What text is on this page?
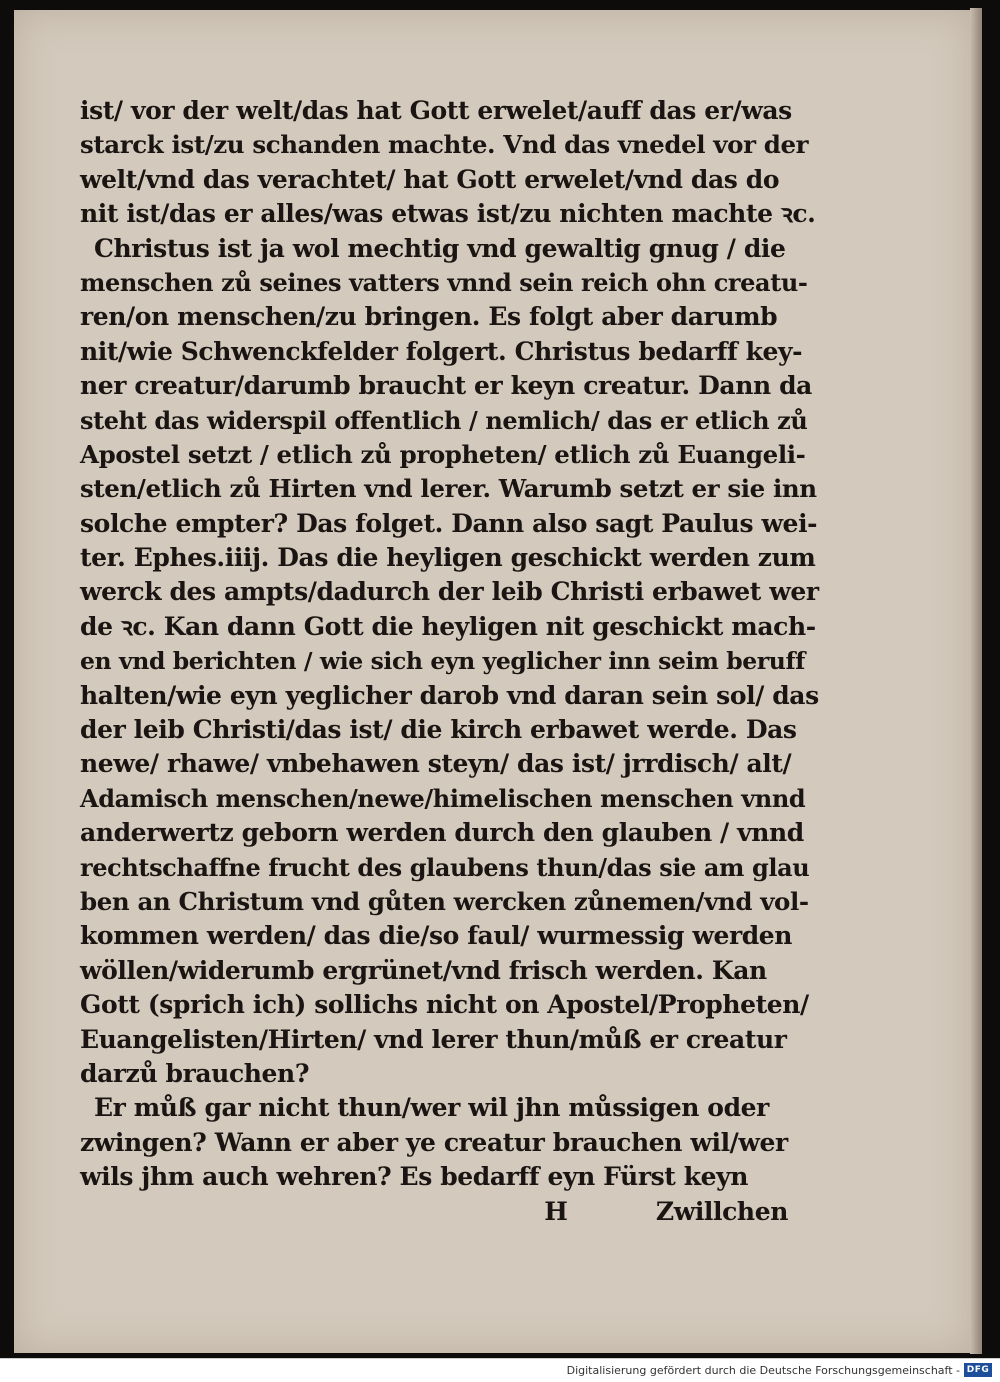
ist/ vor der welt/das hat Gott erwelet/auff das er/was
starck ist/zu schanden machte. Vnd das vnedel vor der
welt/vnd das verachtet/ hat Gott erwelet/vnd das do
nit ist/das er alles/was etwas ist/zu nichten machte ꝛc.
Christus ist ja wol mechtig vnd gewaltig gnug / die
menschen zů seines vatters vnnd sein reich ohn creatu-
ren/on menschen/zu bringen. Es folgt aber darumb
nit/wie Schwenckfelder folgert. Christus bedarff key-
ner creatur/darumb braucht er keyn creatur. Dann da
steht das widerspil offentlich / nemlich/ das er etlich zů
Apostel setzt / etlich zů propheten/ etlich zů Euangeli-
sten/etlich zů Hirten vnd lerer. Warumb setzt er sie inn
solche empter? Das folget. Dann also sagt Paulus wei-
ter. Ephes.iiij. Das die heyligen geschickt werden zum
werck des ampts/dadurch der leib Christi erbawet wer
de ꝛc. Kan dann Gott die heyligen nit geschickt mach-
en vnd berichten / wie sich eyn yeglicher inn seim beruff
halten/wie eyn yeglicher darob vnd daran sein sol/ das
der leib Christi/das ist/ die kirch erbawet werde. Das
newe/ rhawe/ vnbehawen steyn/ das ist/ jrrdisch/ alt/
Adamisch menschen/newe/himelischen menschen vnnd
anderwertz geborn werden durch den glauben / vnnd
rechtschaffne frucht des glaubens thun/das sie am glau
ben an Christum vnd gůten wercken zůnemen/vnd vol-
kommen werden/ das die/so faul/ wurmessig werden
wöllen/widerumb ergrünet/vnd frisch werden. Kan
Gott (sprich ich) sollichs nicht on Apostel/Propheten/
Euangelisten/Hirten/ vnd lerer thun/můß er creatur
darzů brauchen?
Er můß gar nicht thun/wer wil jhn můssigen oder
zwingen? Wann er aber ye creatur brauchen wil/wer
wils jhm auch wehren? Es bedarff eyn Fürst keyn
H	Zwillchen
Digitalisierung gefördert durch die Deutsche Forschungsgemeinschaft - DFG
